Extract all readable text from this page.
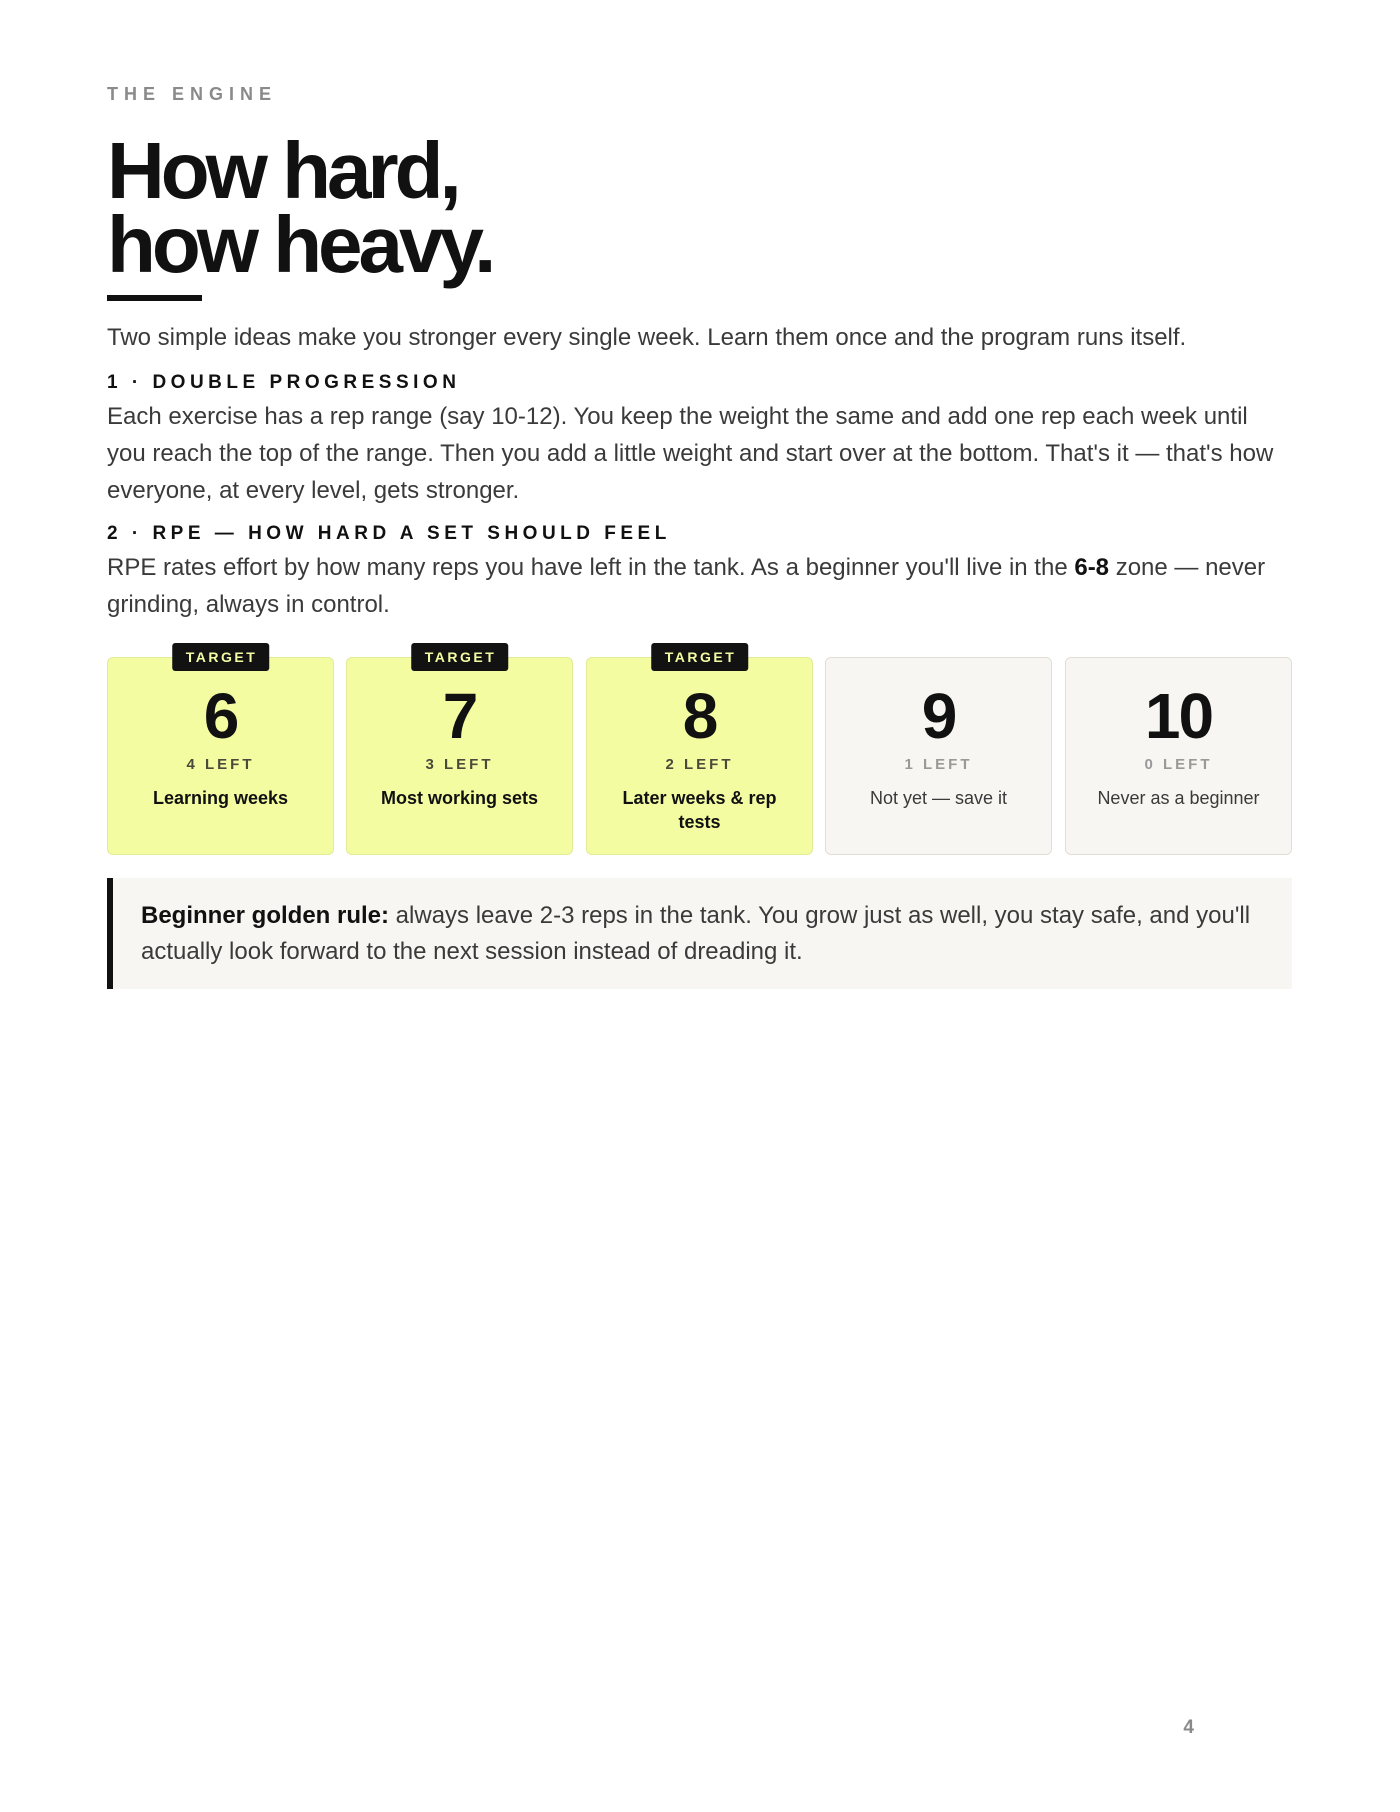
THE ENGINE
How hard,
how heavy.

Two simple ideas make you stronger every single week. Learn them once and the program runs itself.

1 · DOUBLE PROGRESSION

Each exercise has a rep range (say 10-12). You keep the weight the same and add one rep each week until you reach the top of the range. Then you add a little weight and start over at the bottom. That's it — that's how everyone, at every level, gets stronger.

2 · RPE — HOW HARD A SET SHOULD FEEL

RPE rates effort by how many reps you have left in the tank. As a beginner you'll live in the 6-8 zone — never grinding, always in control.

TARGET
6
4 LEFT
Learning weeks
TARGET
7
3 LEFT
Most working sets
TARGET
8
2 LEFT
Later weeks & rep tests
9
1 LEFT
Not yet — save it
10
0 LEFT
Never as a beginner

Beginner golden rule: always leave 2-3 reps in the tank. You grow just as well, you stay safe, and you'll actually look forward to the next session instead of dreading it.

4
